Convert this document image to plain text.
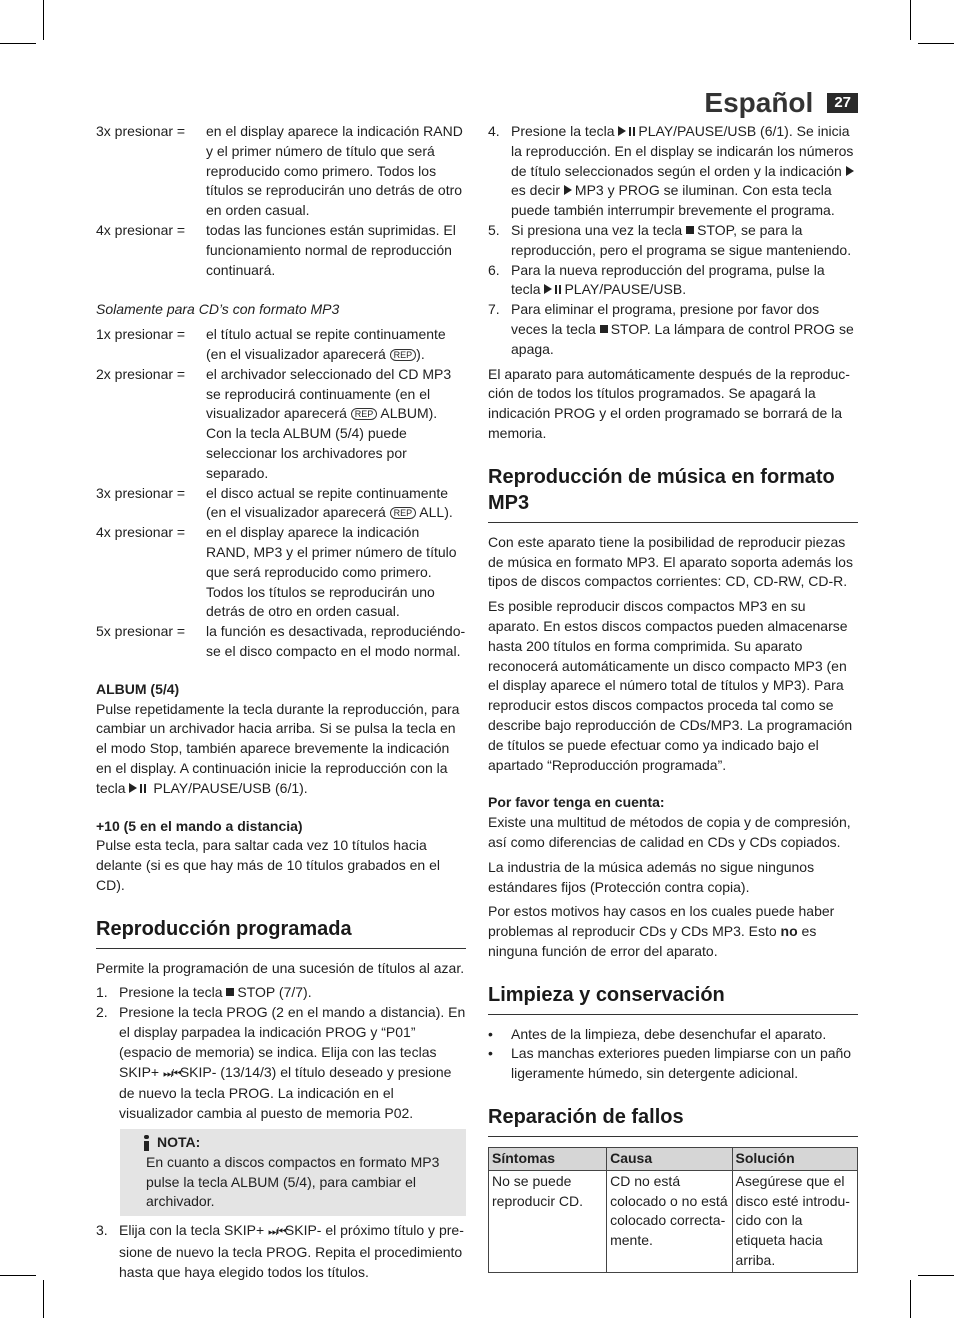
Español	27
3x presionar =	en el display aparece la indicación RAND y el primer número de título que será reproducido como primero. Todos los títulos se reproducirán uno detrás de otro en orden casual.
4x presionar =	todas las funciones están suprimidas. El funcionamiento normal de reproducción continuará.
Solamente para CD’s con formato MP3
1x presionar =	el título actual se repite continuamente (en el visualizador aparecerá REP ).
2x presionar =	el archivador seleccionado del CD MP3 se reproducirá continuamente (en el visualizador aparecerá REP ALBUM). Con la tecla ALBUM (5/4) puede seleccionar los archivadores por separado.
3x presionar =	el disco actual se repite continuamente (en el visualizador aparecerá REP ALL).
4x presionar =	en el display aparece la indicación RAND, MP3 y el primer número de título que será reproducido como primero. Todos los títulos se reproducirán uno detrás de otro en orden casual.
5x presionar =	la función es desactivada, reproduciéndose el disco compacto en el modo normal.
ALBUM (5/4)

Pulse repetidamente la tecla durante la reproducción, para cambiar un archivador hacia arriba. Si se pulsa la tecla en el modo Stop, también aparece brevemente la indicación en el display. A continuación inicie la reproducción con la tecla  PLAY/PAUSE/USB (6/1).

+10 (5 en el mando a distancia)

Pulse esta tecla, para saltar cada vez 10 títulos hacia delante (si es que hay más de 10 títulos grabados en el CD).

Reproducción programada

Permite la programación de una sucesión de títulos al azar.

1. Presione la tecla STOP (7/7).
2. Presione la tecla PROG (2 en el mando a distancia). En el display parpadea la indicación PROG y “P01” (espacio de memoria) se indica. Elija con las teclas SKIP+ ⏭/⏮SKIP- (13/14/3) el título deseado y presione de nuevo la tecla PROG. La indicación en el visualizador cambia al puesto de memoria P02.
NOTA:
En cuanto a discos compactos en formato MP3 pulse la tecla ALBUM (5/4), para cambiar el archivador.
3. Elija con la tecla SKIP+ ⏭/⏮SKIP- el próximo título y presione de nuevo la tecla PROG. Repita el procedimiento hasta que haya elegido todos los títulos.
4. Presione la tecla PLAY/PAUSE/USB (6/1). Se inicia la reproducción. En el display se indicarán los números de título seleccionados según el orden y la indicación es decir MP3 y PROG se iluminan. Con esta tecla puede también interrumpir brevemente el programa.
5. Si presiona una vez la tecla STOP, se para la reproducción, pero el programa se sigue manteniendo.
6. Para la nueva reproducción del programa, pulse la tecla PLAY/PAUSE/USB.
7. Para eliminar el programa, presione por favor dos veces la tecla STOP. La lámpara de control PROG se apaga.

El aparato para automáticamente después de la reproducción de todos los títulos programados. Se apagará la indicación PROG y el orden programado se borrará de la memoria.

Reproducción de música en formato MP3

Con este aparato tiene la posibilidad de reproducir piezas de música en formato MP3. El aparato soporta además los tipos de discos compactos corrientes: CD, CD-RW, CD-R.

Es posible reproducir discos compactos MP3 en su aparato. En estos discos compactos pueden almacenarse hasta 200 títulos en forma comprimida. Su aparato reconocerá automáticamente un disco compacto MP3 (en el display aparece el número total de títulos y MP3). Para reproducir estos discos compactos proceda tal como se describe bajo reproducción de CDs/MP3. La programación de títulos se puede efectuar como ya indicado bajo el apartado “Reproducción programada”.

Por favor tenga en cuenta:

Existe una multitud de métodos de copia y de compresión, así como diferencias de calidad en CDs y CDs copiados.

La industria de la música además no sigue ningunos estándares fijos (Protección contra copia).

Por estos motivos hay casos en los cuales puede haber problemas al reproducir CDs y CDs MP3. Esto no es ninguna función de error del aparato.

Limpieza y conservación
•	Antes de la limpieza, debe desenchufar el aparato.
•	Las manchas exteriores pueden limpiarse con un paño ligeramente húmedo, sin detergente adicional.
Reparación de fallos
Síntomas	Causa	Solución
No se puede reproducir CD.	CD no está colocado o no está colocado correctamente.	Asegúrese que el disco esté introducido con la etiqueta hacia arriba.
